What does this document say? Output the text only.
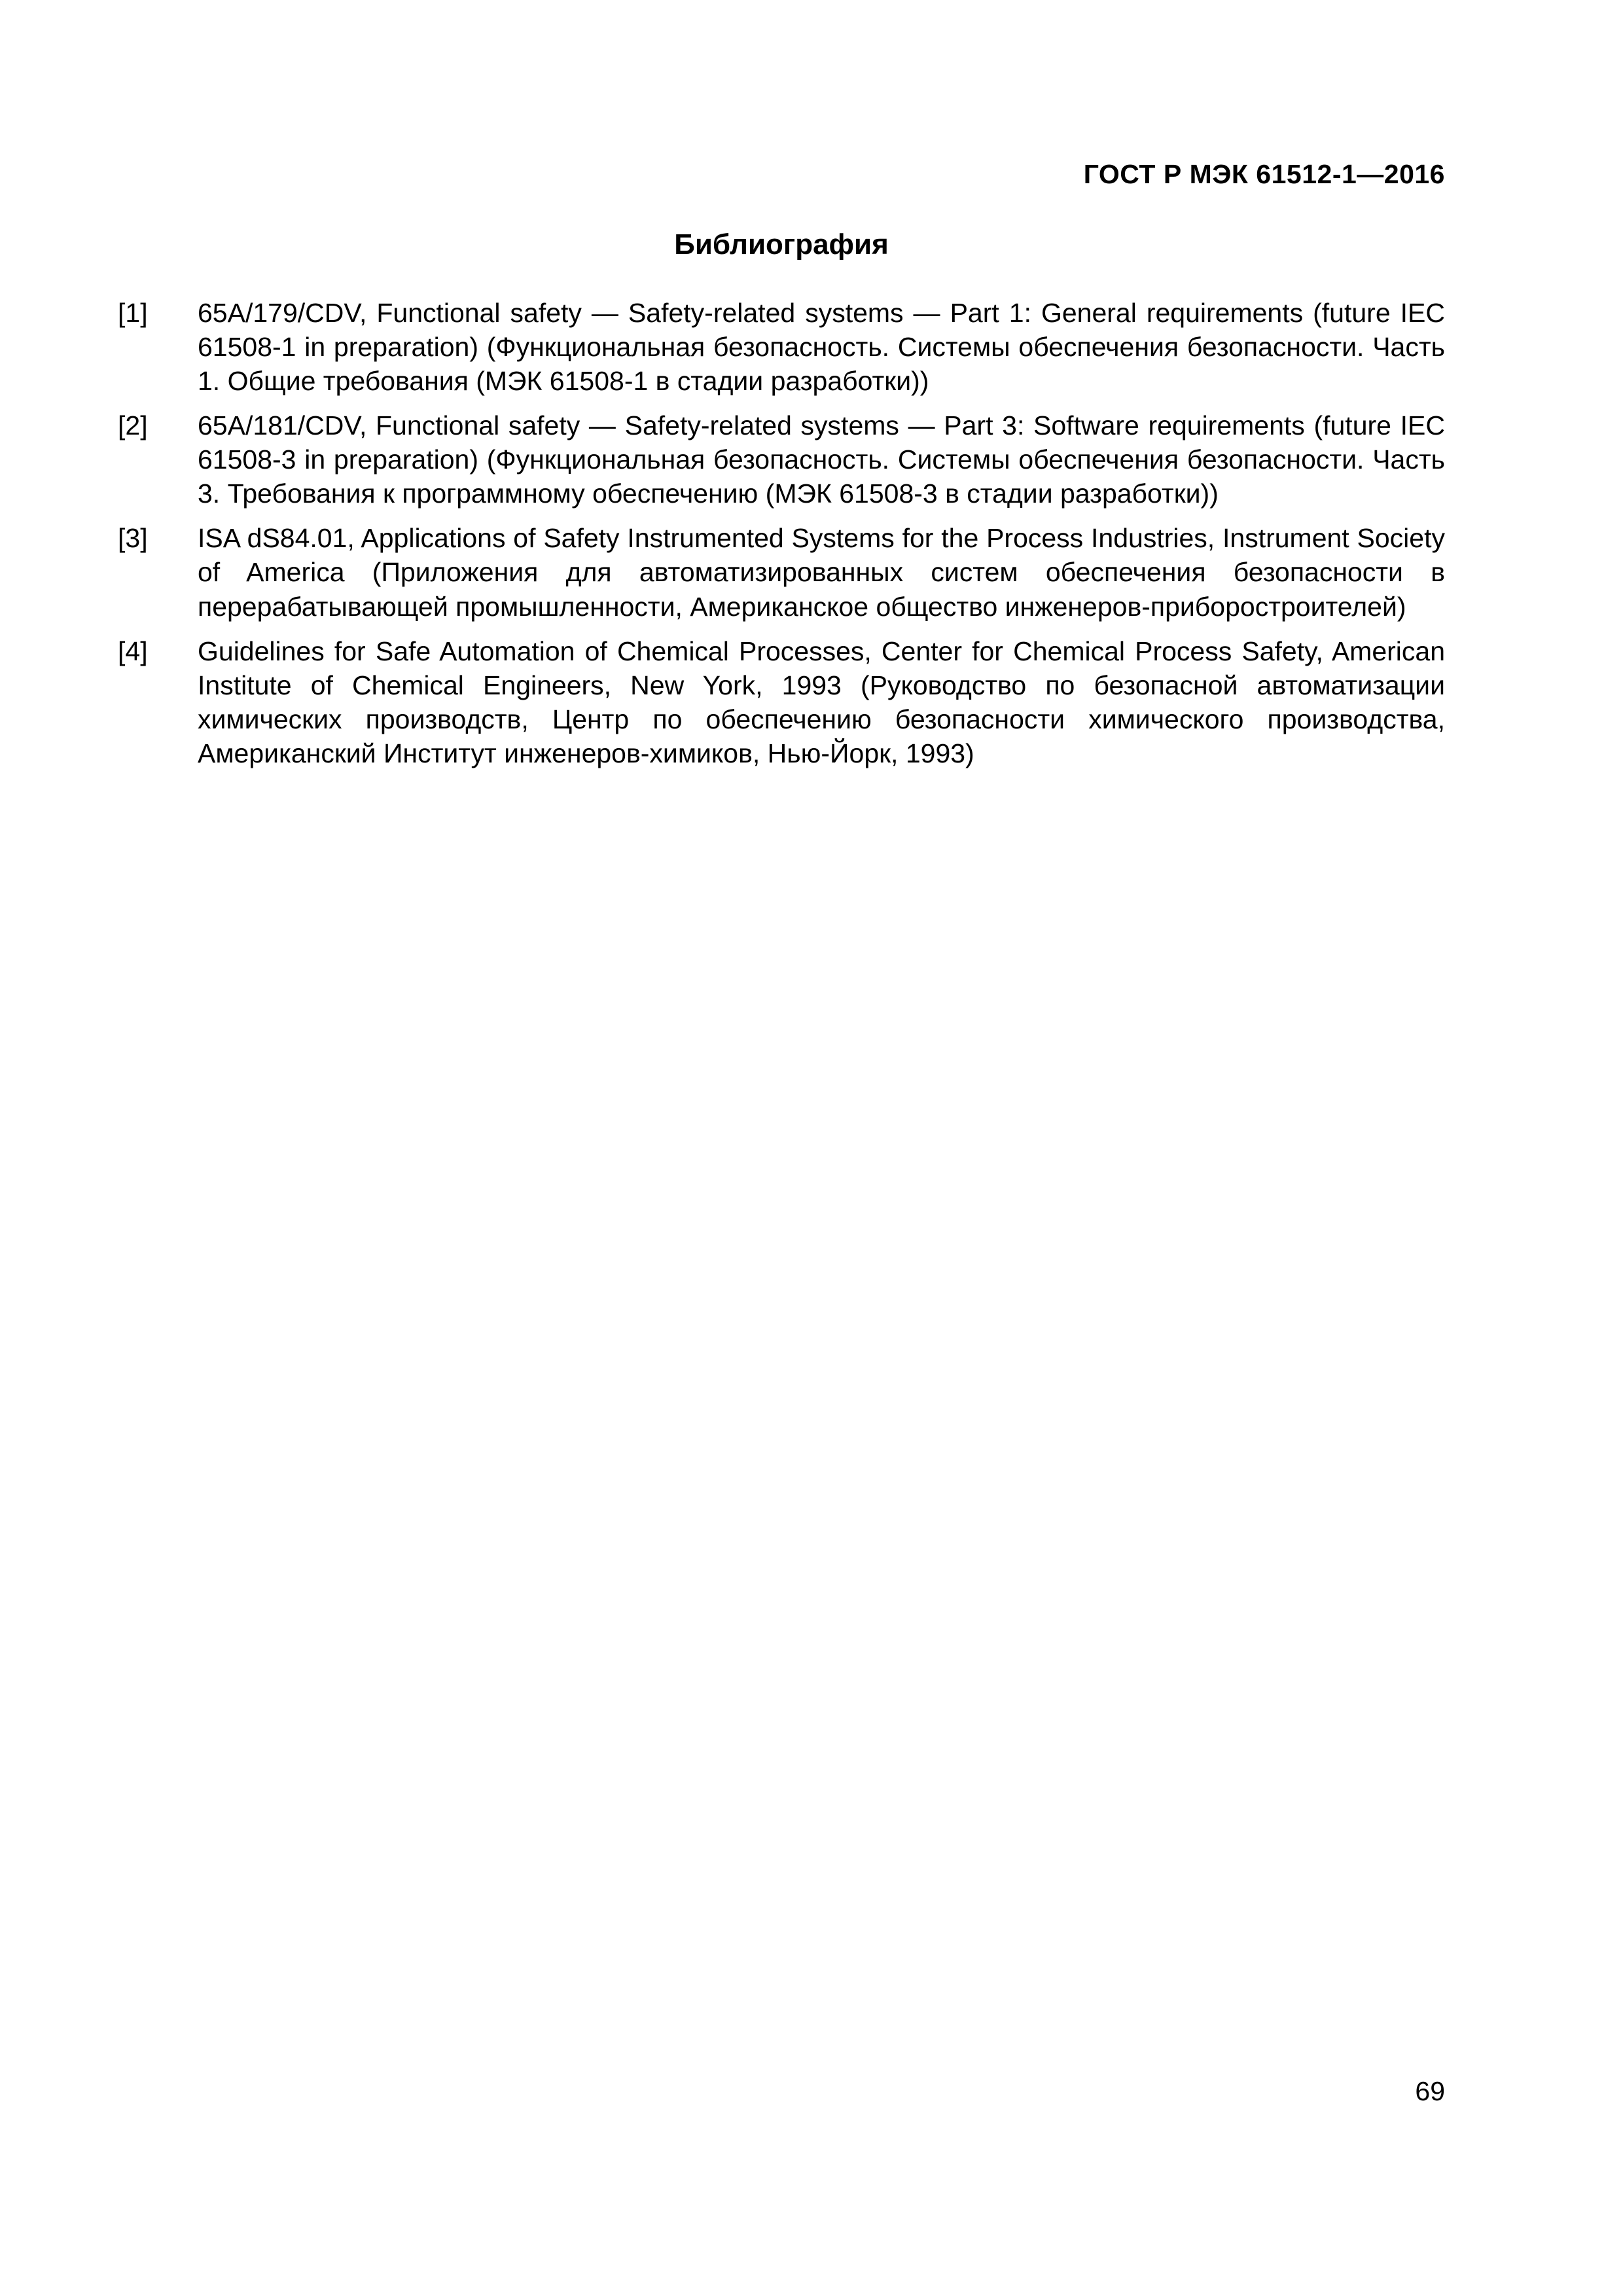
ГОСТ Р МЭК 61512-1—2016
Библиография
[1]	65A/179/CDV, Functional safety — Safety-related systems — Part 1: General requirements (future IEC 61508-1 in preparation) (Функциональная безопасность. Системы обеспечения безопасности. Часть 1. Общие требования (МЭК 61508-1 в стадии разработки))
[2]	65A/181/CDV, Functional safety — Safety-related systems — Part 3: Software requirements (future IEC 61508-3 in preparation) (Функциональная безопасность. Системы обеспечения безопасности. Часть 3. Требования к программному обеспечению (МЭК 61508-3 в стадии разработки))
[3]	ISA dS84.01, Applications of Safety Instrumented Systems for the Process Industries, Instrument Society of America (Приложения для автоматизированных систем обеспечения безопасности в перерабатывающей промышленности, Американское общество инженеров-приборостроителей)
[4]	Guidelines for Safe Automation of Chemical Processes, Center for Chemical Process Safety, American Institute of Chemical Engineers, New York, 1993 (Руководство по безопасной автоматизации химических производств, Центр по обеспечению безопасности химического производства, Американский Институт инженеров-химиков, Нью-Йорк, 1993)
69
